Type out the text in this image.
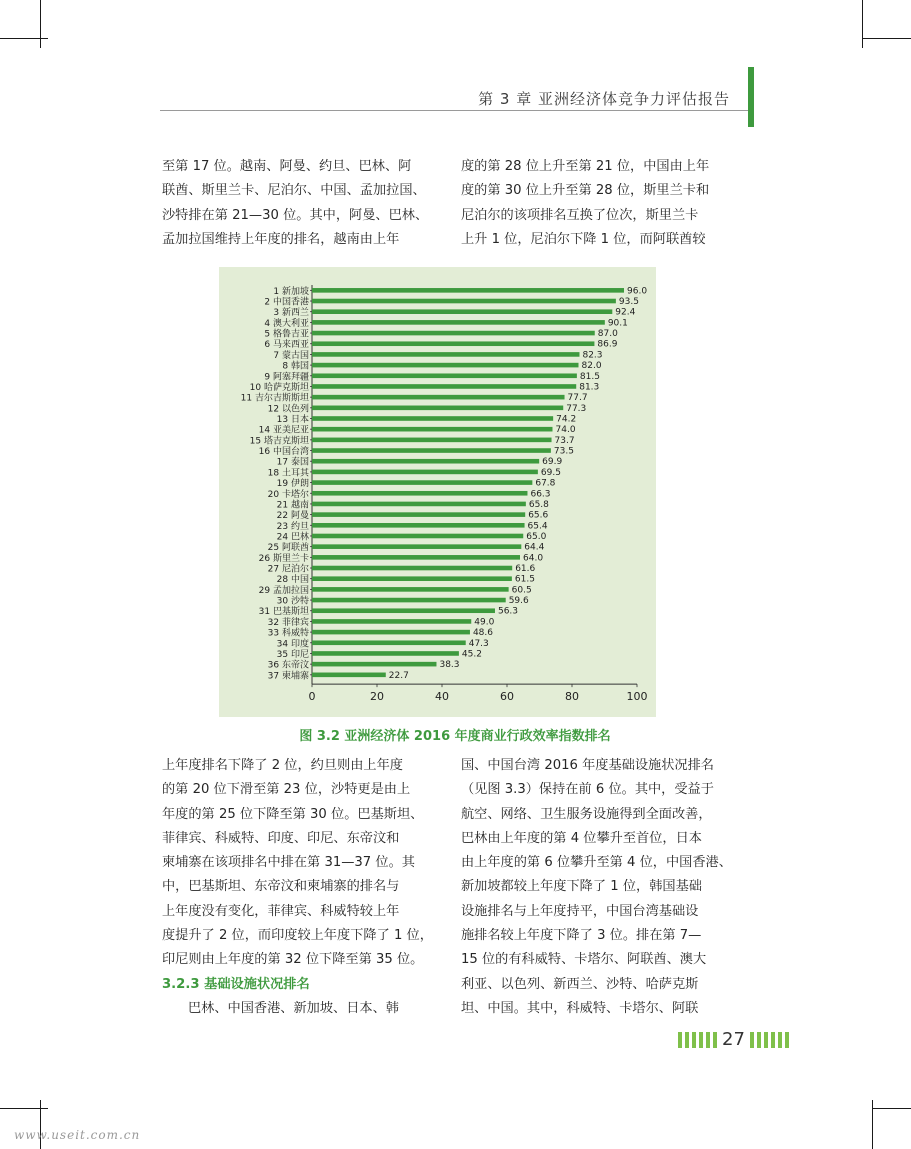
第 3 章 亚洲经济体竞争力评估报告

至第 17 位。越南、阿曼、约旦、巴林、阿

联酋、斯里兰卡、尼泊尔、中国、孟加拉国、

沙特排在第 21—30 位。其中，阿曼、巴林、

孟加拉国维持上年度的排名，越南由上年

度的第 28 位上升至第 21 位，中国由上年

度的第 30 位上升至第 28 位，斯里兰卡和

尼泊尔的该项排名互换了位次，斯里兰卡

上升 1 位，尼泊尔下降 1 位，而阿联酋较

1 新加坡	96.0
2 中国香港	93.5
3 新西兰	92.4
4 澳大利亚	90.1
5 格鲁吉亚	87.0
6 马来西亚	86.9
7 蒙古国	82.3
8 韩国	82.0
9 阿塞拜疆	81.5
10 哈萨克斯坦	81.3
11 吉尔吉斯斯坦	77.7
12 以色列	77.3
13 日本	74.2
14 亚美尼亚	74.0
15 塔吉克斯坦	73.7
16 中国台湾	73.5
17 泰国	69.9
18 土耳其	69.5
19 伊朗	67.8
20 卡塔尔	66.3
21 越南	65.8
22 阿曼	65.6
23 约旦	65.4
24 巴林	65.0
25 阿联酋	64.4
26 斯里兰卡	64.0
27 尼泊尔	61.6
28 中国	61.5
29 孟加拉国	60.5
30 沙特	59.6
31 巴基斯坦	56.3
32 菲律宾	49.0
33 科威特	48.6
34 印度	47.3
35 印尼	45.2
36 东帝汶	38.3
37 柬埔寨	22.7
0	20	40	60	80	100
图 3.2 亚洲经济体 2016 年度商业行政效率指数排名

上年度排名下降了 2 位，约旦则由上年度

的第 20 位下滑至第 23 位，沙特更是由上

年度的第 25 位下降至第 30 位。巴基斯坦、

菲律宾、科威特、印度、印尼、东帝汶和

柬埔寨在该项排名中排在第 31—37 位。其

中，巴基斯坦、东帝汶和柬埔寨的排名与

上年度没有变化，菲律宾、科威特较上年

度提升了 2 位，而印度较上年度下降了 1 位，

印尼则由上年度的第 32 位下降至第 35 位。

3.2.3 基础设施状况排名

巴林、中国香港、新加坡、日本、韩

国、中国台湾 2016 年度基础设施状况排名

（见图 3.3）保持在前 6 位。其中，受益于

航空、网络、卫生服务设施得到全面改善，

巴林由上年度的第 4 位攀升至首位，日本

由上年度的第 6 位攀升至第 4 位，中国香港、

新加坡都较上年度下降了 1 位，韩国基础

设施排名与上年度持平，中国台湾基础设

施排名较上年度下降了 3 位。排在第 7—

15 位的有科威特、卡塔尔、阿联酋、澳大

利亚、以色列、新西兰、沙特、哈萨克斯

坦、中国。其中，科威特、卡塔尔、阿联

27
www.useit.com.cn
